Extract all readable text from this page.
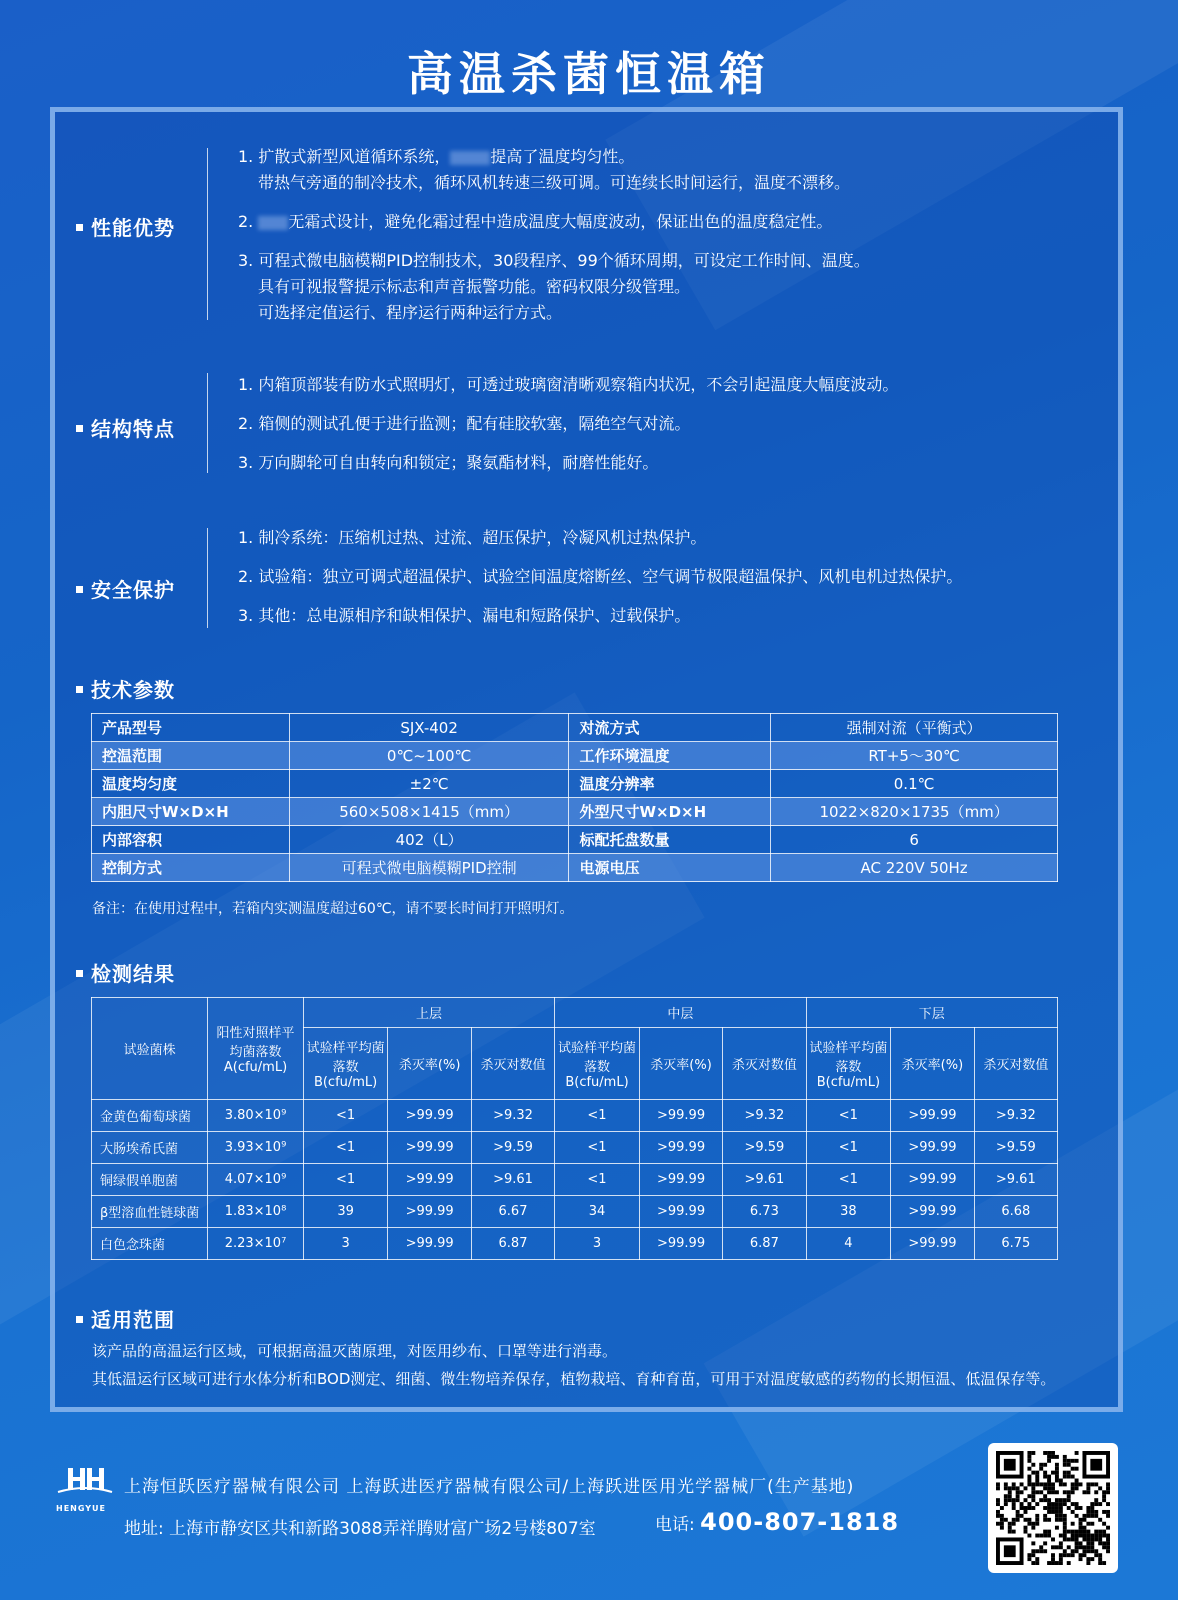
高温杀菌恒温箱
性能优势
1. 扩散式新型风道循环系统，	提高了温度均匀性。
带热气旁通的制冷技术，循环风机转速三级可调。可连续长时间运行，温度不漂移。
2. 无霜式设计，避免化霜过程中造成温度大幅度波动，保证出色的温度稳定性。
3. 可程式微电脑模糊PID控制技术，30段程序、99个循环周期，可设定工作时间、温度。
具有可视报警提示标志和声音振警功能。密码权限分级管理。
可选择定值运行、程序运行两种运行方式。
结构特点
1. 内箱顶部装有防水式照明灯，可透过玻璃窗清晰观察箱内状况，不会引起温度大幅度波动。
2. 箱侧的测试孔便于进行监测；配有硅胶软塞，隔绝空气对流。
3. 万向脚轮可自由转向和锁定；聚氨酯材料，耐磨性能好。
安全保护
1. 制冷系统：压缩机过热、过流、超压保护，冷凝风机过热保护。
2. 试验箱：独立可调式超温保护、试验空间温度熔断丝、空气调节极限超温保护、风机电机过热保护。
3. 其他：总电源相序和缺相保护、漏电和短路保护、过载保护。
技术参数
产品型号	SJX-402	对流方式	强制对流（平衡式）
控温范围	0℃~100℃	工作环境温度	RT+5～30℃
温度均匀度	±2℃	温度分辨率	0.1℃
内胆尺寸W×D×H	560×508×1415（mm）	外型尺寸W×D×H	1022×820×1735（mm）
内部容积	402（L）	标配托盘数量	6
控制方式	可程式微电脑模糊PID控制	电源电压	AC 220V 50Hz
备注：在使用过程中，若箱内实测温度超过60℃，请不要长时间打开照明灯。
检测结果
试验菌株	阳性对照样平均菌落数A(cfu/mL)	上层			中层			下层		
		试验样平均菌落数B(cfu/mL)	杀灭率(%)	杀灭对数值	试验样平均菌落数B(cfu/mL)	杀灭率(%)	杀灭对数值	试验样平均菌落数B(cfu/mL)	杀灭率(%)	杀灭对数值
金黄色葡萄球菌	3.80×10⁹	<1	>99.99	>9.32	<1	>99.99	>9.32	<1	>99.99	>9.32
大肠埃希氏菌	3.93×10⁹	<1	>99.99	>9.59	<1	>99.99	>9.59	<1	>99.99	>9.59
铜绿假单胞菌	4.07×10⁹	<1	>99.99	>9.61	<1	>99.99	>9.61	<1	>99.99	>9.61
β型溶血性链球菌	1.83×10⁸	39	>99.99	6.67	34	>99.99	6.73	38	>99.99	6.68
白色念珠菌	2.23×10⁷	3	>99.99	6.87	3	>99.99	6.87	4	>99.99	6.75
适用范围
该产品的高温运行区域，可根据高温灭菌原理，对医用纱布、口罩等进行消毒。
其低温运行区域可进行水体分析和BOD测定、细菌、微生物培养保存，植物栽培、育种育苗，可用于对温度敏感的药物的长期恒温、低温保存等。
HENGYUE
上海恒跃医疗器械有限公司 上海跃进医疗器械有限公司/上海跃进医用光学器械厂(生产基地)
地址: 上海市静安区共和新路3088弄祥腾财富广场2号楼807室	电话: 400-807-1818
